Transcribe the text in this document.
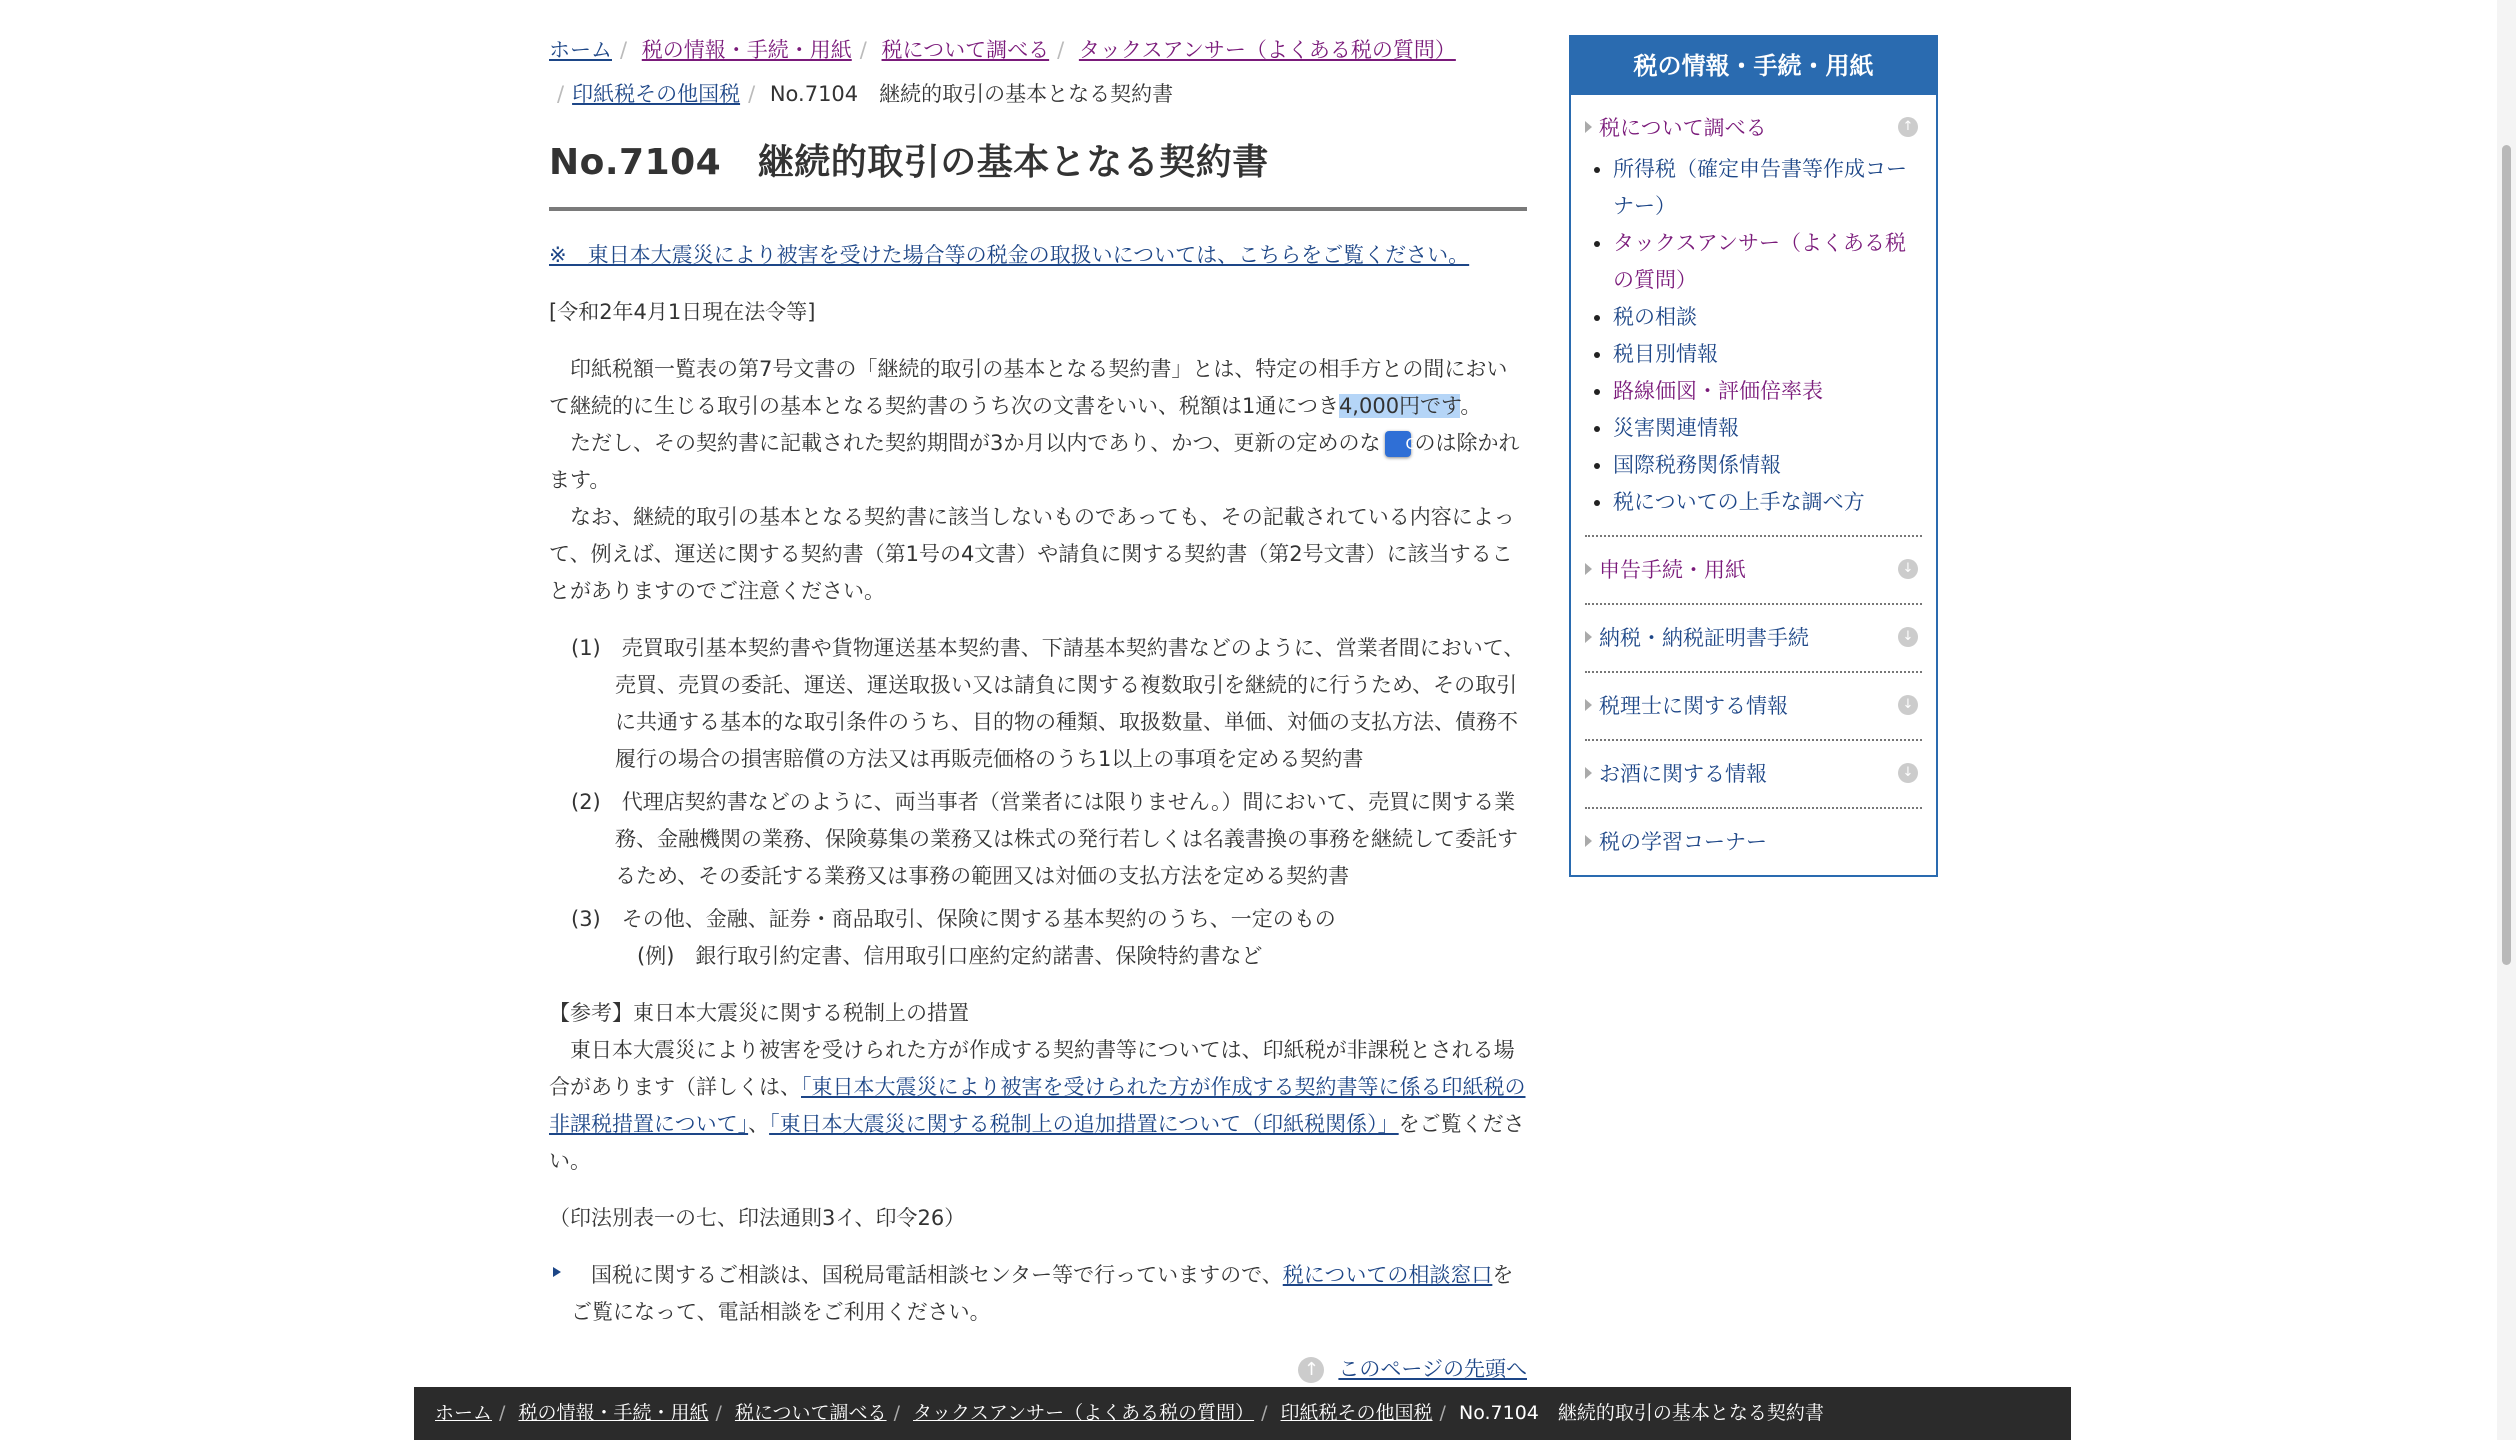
ホーム / 税の情報・手続・用紙 / 税について調べる / タックスアンサー（よくある税の質問）
/ 印紙税その他国税 / No.7104　継続的取引の基本となる契約書
No.7104　継続的取引の基本となる契約書
※　東日本大震災により被害を受けた場合等の税金の取扱いについては、こちらをご覧ください。
[令和2年4月1日現在法令等]
印紙税額一覧表の第7号文書の「継続的取引の基本となる契約書」とは、特定の相手方との間において継続的に生じる取引の基本となる契約書のうち次の文書をいい、税額は1通につき4,000円です。
ただし、その契約書に記載された契約期間が3か月以内であり、かつ、更新の定めのな Gのは除かれます。
なお、継続的取引の基本となる契約書に該当しないものであっても、その記載されている内容によって、例えば、運送に関する契約書（第1号の4文書）や請負に関する契約書（第2号文書）に該当することがありますのでご注意ください。
(1)　 売買取引基本契約書や貨物運送基本契約書、下請基本契約書などのように、営業者間において、売買、売買の委託、運送、運送取扱い又は請負に関する複数取引を継続的に行うため、その取引に共通する基本的な取引条件のうち、目的物の種類、取扱数量、単価、対価の支払方法、債務不履行の場合の損害賠償の方法又は再販売価格のうち1以上の事項を定める契約書
(2)　 代理店契約書などのように、両当事者（営業者には限りません。）間において、売買に関する業務、金融機関の業務、保険募集の業務又は株式の発行若しくは名義書換の事務を継続して委託するため、その委託する業務又は事務の範囲又は対価の支払方法を定める契約書
(3)　 その他、金融、証券・商品取引、保険に関する基本契約のうち、一定のもの
(例)　銀行取引約定書、信用取引口座約定約諾書、保険特約書など
【参考】東日本大震災に関する税制上の措置
東日本大震災により被害を受けられた方が作成する契約書等については、印紙税が非課税とされる場合があります（詳しくは、「東日本大震災により被害を受けられた方が作成する契約書等に係る印紙税の非課税措置について」、「東日本大震災に関する税制上の追加措置について（印紙税関係）」をご覧ください。
（印法別表一の七、印法通則3イ、印令26）
国税に関するご相談は、国税局電話相談センター等で行っていますので、税についての相談窓口をご覧になって、電話相談をご利用ください。
↑ このページの先頭へ
税の情報・手続・用紙
税について調べる	↑
• 所得税（確定申告書等作成コーナー）
• タックスアンサー（よくある税の質問）
• 税の相談
• 税目別情報
• 路線価図・評価倍率表
• 災害関連情報
• 国際税務関係情報
• 税についての上手な調べ方
申告手続・用紙	↓
納税・納税証明書手続	↓
税理士に関する情報	↓
お酒に関する情報	↓
税の学習コーナー
ホーム / 税の情報・手続・用紙 / 税について調べる / タックスアンサー（よくある税の質問） / 印紙税その他国税 / No.7104　継続的取引の基本となる契約書
